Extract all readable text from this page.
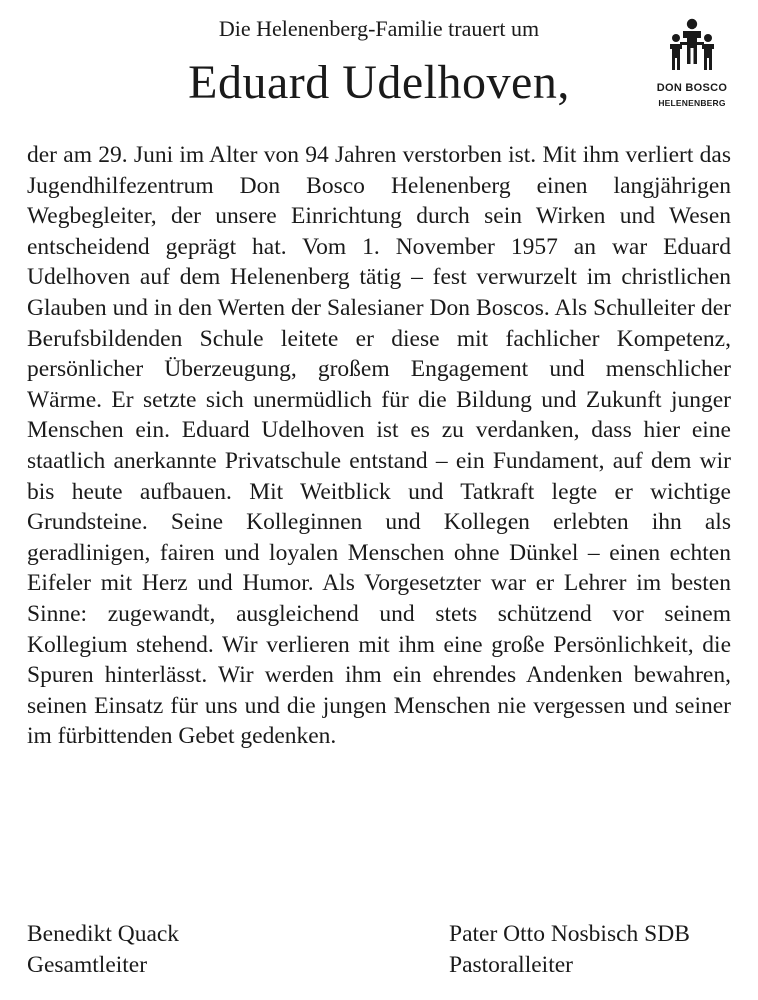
Die Helenenberg-Familie trauert um
Eduard Udelhoven,	DON BOSCO
HELENENBERG

der am 29. Juni im Alter von 94 Jahren verstorben ist. Mit ihm verliert das Jugendhilfezentrum Don Bosco Helenenberg einen langjährigen Wegbegleiter, der unsere Einrichtung durch sein Wirken und Wesen entscheidend geprägt hat. Vom 1. November 1957 an war Eduard Udelhoven auf dem Helenenberg tätig – fest verwurzelt im christlichen Glauben und in den Werten der Salesianer Don Boscos. Als Schulleiter der Berufsbildenden Schule leitete er diese mit fachlicher Kompetenz, persönlicher Überzeugung, großem Engagement und menschlicher Wärme. Er setzte sich unermüdlich für die Bildung und Zukunft junger Menschen ein. Eduard Udelhoven ist es zu verdanken, dass hier eine staatlich anerkannte Privatschule entstand – ein Fundament, auf dem wir bis heute aufbauen. Mit Weitblick und Tatkraft legte er wichtige Grundsteine. Seine Kolleginnen und Kollegen erlebten ihn als geradlinigen, fairen und loyalen Menschen ohne Dünkel – einen echten Eifeler mit Herz und Humor. Als Vorgesetzter war er Lehrer im besten Sinne: zugewandt, ausgleichend und stets schützend vor seinem Kollegium stehend. Wir verlieren mit ihm eine große Persönlichkeit, die Spuren hinterlässt. Wir werden ihm ein ehrendes Andenken bewahren, seinen Einsatz für uns und die jungen Menschen nie vergessen und seiner im fürbittenden Gebet gedenken.

Benedikt Quack
Gesamtleiter
Pater Otto Nosbisch SDB
Pastoralleiter
